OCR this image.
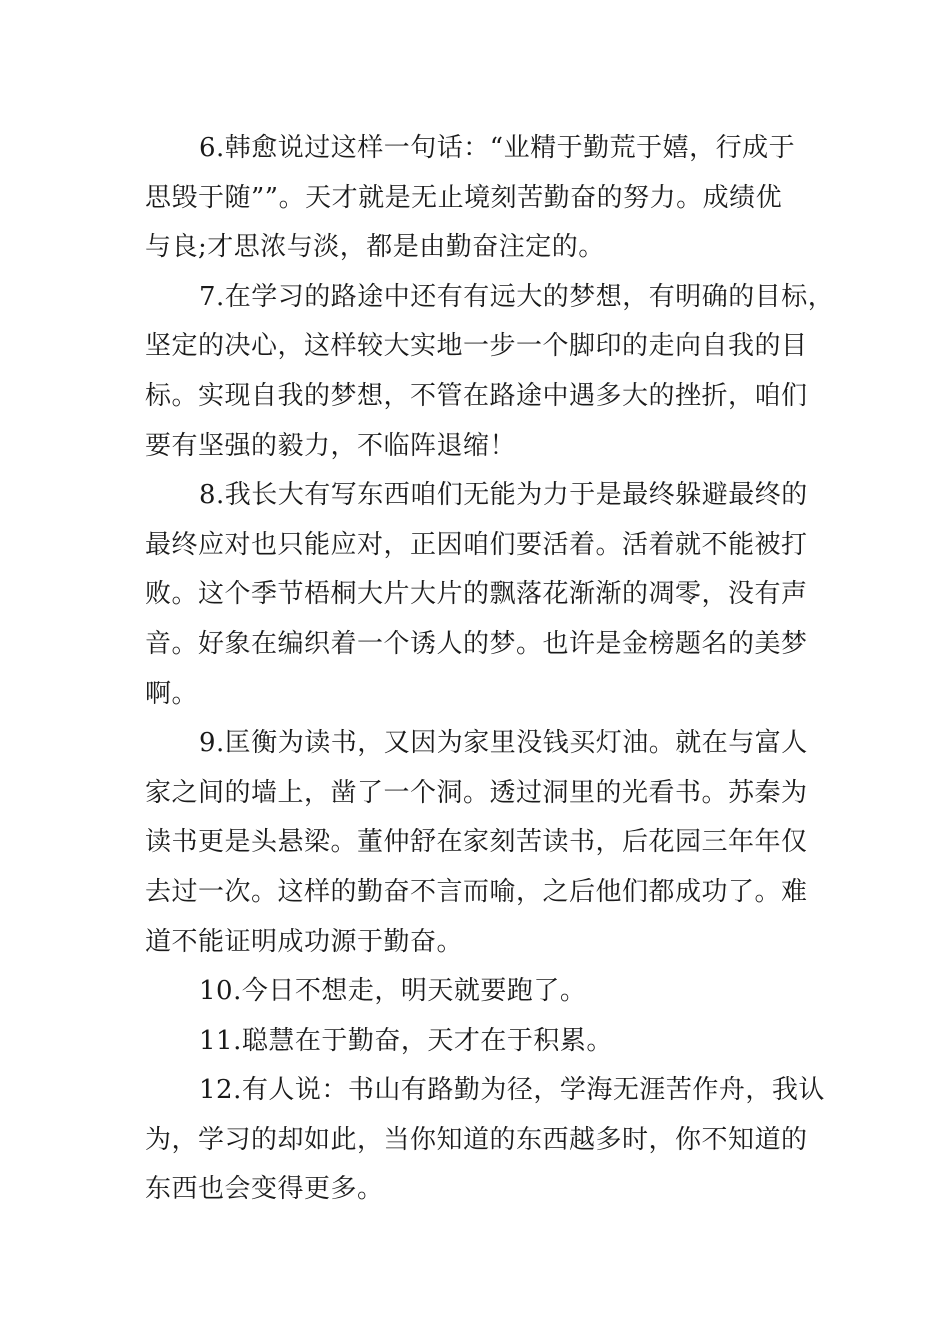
6.韩愈说过这样一句话：“业精于勤荒于嬉，行成于
思毁于随””。天才就是无止境刻苦勤奋的努力。成绩优
与良;才思浓与淡，都是由勤奋注定的。

7.在学习的路途中还有有远大的梦想，有明确的目标，
坚定的决心，这样较大实地一步一个脚印的走向自我的目
标。实现自我的梦想，不管在路途中遇多大的挫折，咱们
要有坚强的毅力，不临阵退缩！

8.我长大有写东西咱们无能为力于是最终躲避最终的
最终应对也只能应对，正因咱们要活着。活着就不能被打
败。这个季节梧桐大片大片的飘落花渐渐的凋零，没有声
音。好象在编织着一个诱人的梦。也许是金榜题名的美梦
啊。

9.匡衡为读书，又因为家里没钱买灯油。就在与富人
家之间的墙上，凿了一个洞。透过洞里的光看书。苏秦为
读书更是头悬梁。董仲舒在家刻苦读书，后花园三年年仅
去过一次。这样的勤奋不言而喻，之后他们都成功了。难
道不能证明成功源于勤奋。

10.今日不想走，明天就要跑了。

11.聪慧在于勤奋，天才在于积累。

12.有人说：书山有路勤为径，学海无涯苦作舟，我认
为，学习的却如此，当你知道的东西越多时，你不知道的
东西也会变得更多。
